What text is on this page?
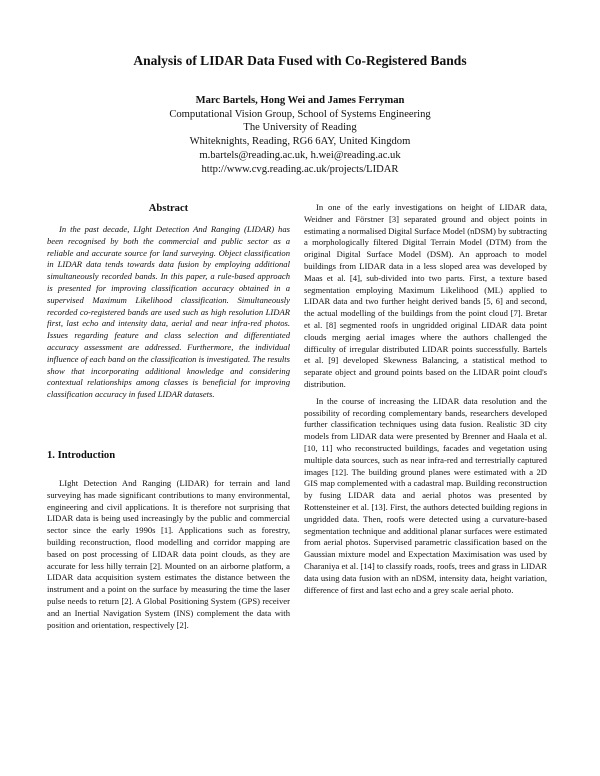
Analysis of LIDAR Data Fused with Co-Registered Bands
Marc Bartels, Hong Wei and James Ferryman
Computational Vision Group, School of Systems Engineering
The University of Reading
Whiteknights, Reading, RG6 6AY, United Kingdom
m.bartels@reading.ac.uk, h.wei@reading.ac.uk
http://www.cvg.reading.ac.uk/projects/LIDAR
Abstract

In the past decade, LIght Detection And Ranging (LIDAR) has been recognised by both the commercial and public sector as a reliable and accurate source for land surveying. Object classification in LIDAR data tends towards data fusion by employing additional simultaneously recorded bands. In this paper, a rule-based approach is presented for improving classification accuracy obtained in a supervised Maximum Likelihood classification. Simultaneously recorded co-registered bands are used such as high resolution LIDAR first, last echo and intensity data, aerial and near infra-red photos. Issues regarding feature and class selection and differentiated accuracy assessment are addressed. Furthermore, the individual influence of each band on the classification is investigated. The results show that incorporating additional knowledge and considering contextual relationships among classes is beneficial for improving classification accuracy in fused LIDAR datasets.

1. Introduction

LIght Detection And Ranging (LIDAR) for terrain and land surveying has made significant contributions to many environmental, engineering and civil applications. It is therefore not surprising that LIDAR data is being used increasingly by the public and commercial sector since the early 1990s [1]. Applications such as forestry, building reconstruction, flood modelling and corridor mapping are based on post processing of LIDAR data point clouds, as they are accurate for less hilly terrain [2]. Mounted on an airborne platform, a LIDAR data acquisition system estimates the distance between the instrument and a point on the surface by measuring the time the laser pulse needs to return [2]. A Global Positioning System (GPS) receiver and an Inertial Navigation System (INS) complement the data with position and orientation, respectively [2].

In one of the early investigations on height of LIDAR data, Weidner and Förstner [3] separated ground and object points in estimating a normalised Digital Surface Model (nDSM) by subtracting a morphologically filtered Digital Terrain Model (DTM) from the original Digital Surface Model (DSM). An approach to model buildings from LIDAR data in a less sloped area was developed by Maas et al. [4], sub-divided into two parts. First, a texture based segmentation employing Maximum Likelihood (ML) applied to LIDAR data and two further height derived bands [5, 6] and second, the actual modelling of the buildings from the point cloud [7]. Bretar et al. [8] segmented roofs in ungridded original LIDAR data point clouds merging aerial images where the authors challenged the difficulty of irregular distributed LIDAR points successfully. Bartels et al. [9] developed Skewness Balancing, a statistical method to separate object and ground points based on the LIDAR point cloud's distribution.

In the course of increasing the LIDAR data resolution and the possibility of recording complementary bands, researchers developed further classification techniques using data fusion. Realistic 3D city models from LIDAR data were presented by Brenner and Haala et al. [10, 11] who reconstructed buildings, facades and vegetation using multiple data sources, such as near infra-red and terrestrially captured images [12]. The building ground planes were estimated with a 2D GIS map complemented with a cadastral map. Building reconstruction by fusing LIDAR data and aerial photos was presented by Rottensteiner et al. [13]. First, the authors detected building regions in ungridded data. Then, roofs were detected using a curvature-based segmentation technique and additional planar surfaces were estimated from aerial photos. Supervised parametric classification based on the Gaussian mixture model and Expectation Maximisation was used by Charaniya et al. [14] to classify roads, roofs, trees and grass in LIDAR data using data fusion with an nDSM, intensity data, height variation, difference of first and last echo and a grey scale aerial photo.
